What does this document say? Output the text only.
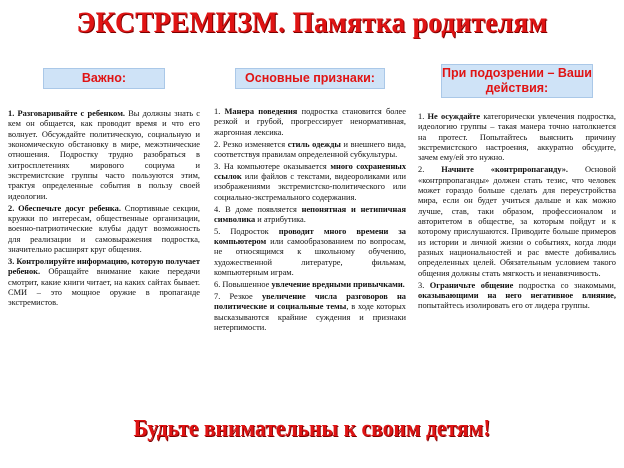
ЭКСТРЕМИЗМ. Памятка родителям
Важно:

1. Разговаривайте с ребенком. Вы должны знать с кем он общается, как проводит время и что его волнует. Обсуждайте политическую, социальную и экономическую обстановку в мире, межэтнические отношения. Подростку трудно разобраться в хитросплетениях мирового социума и экстремистские группы часто пользуются этим, трактуя определенные события в пользу своей идеологии.

2. Обеспечьте досуг ребенка. Спортивные секции, кружки по интересам, общественные организации, военно-патриотические клубы дадут возможность для реализации и самовыражения подростка, значительно расширят круг общения.

3. Контролируйте информацию, которую получает ребенок. Обращайте внимание какие передачи смотрит, какие книги читает, на каких сайтах бывает. СМИ – это мощное оружие в пропаганде экстремистов.

Основные признаки:

1. Манера поведения подростка становится более резкой и грубой, прогрессирует ненормативная, жаргонная лексика.

2. Резко изменяется стиль одежды и внешнего вида, соответствуя правилам определенной субкультуры.

3. На компьютере оказывается много сохраненных ссылок или файлов с текстами, видеороликами или изображениями экстремистско-политического или социально-экстремального содержания.

4. В доме появляется непонятная и нетипичная символика и атрибутика.

5. Подросток проводит много времени за компьютером или самообразованием по вопросам, не относящимся к школьному обучению, художественной литературе, фильмам, компьютерным играм.

6. Повышенное увлечение вредными привычками.

7. Резкое увеличение числа разговоров на политические и социальные темы, в ходе которых высказываются крайние суждения и признаки нетерпимости.

При подозрении – Ваши действия:

1. Не осуждайте категорически увлечения подростка, идеологию группы – такая манера точно натолкнется на протест. Попытайтесь выяснить причину экстремистского настроения, аккуратно обсудите, зачем ему/ей это нужно.

2. Начните «контрпропаганду». Основой «контрпропаганды» должен стать тезис, что человек может гораздо больше сделать для переустройства мира, если он будет учиться дальше и как можно лучше, став, таки образом, профессионалом и авторитетом в обществе, за которым пойдут и к которому прислушаются. Приводите больше примеров из истории и личной жизни о событиях, когда люди разных национальностей и рас вместе добивались определенных целей. Обязательным условием такого общения должны стать мягкость и ненавязчивость.

3. Ограничьте общение подростка со знакомыми, оказывающими на него негативное влияние, попытайтесь изолировать его от лидера группы.

Будьте внимательны к своим детям!
